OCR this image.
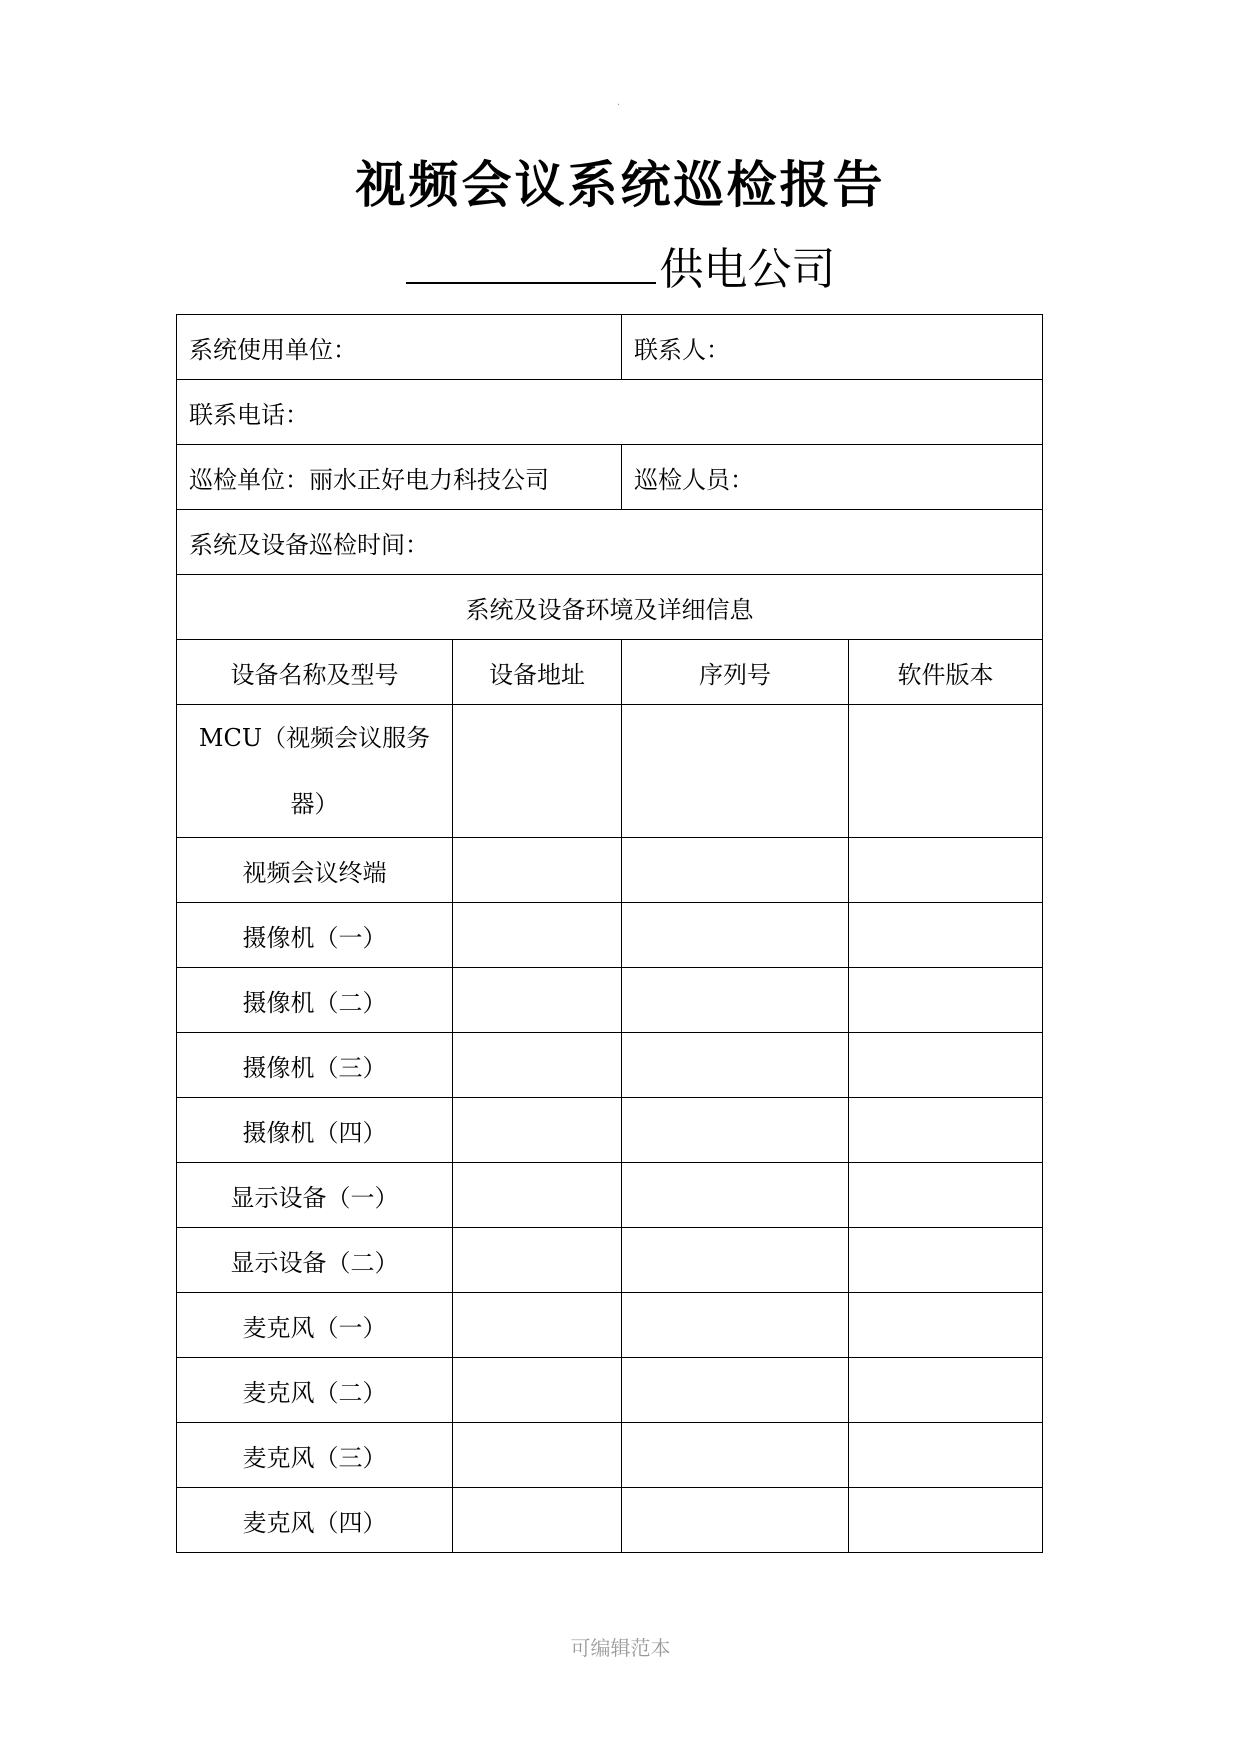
·
视频会议系统巡检报告
供电公司
系统使用单位：		联系人：	
联系电话：			
巡检单位：丽水正好电力科技公司		巡检人员：	
系统及设备巡检时间：			
系统及设备环境及详细信息			
设备名称及型号	设备地址	序列号	软件版本
MCU（视频会议服务器）			
视频会议终端			
摄像机（一）			
摄像机（二）			
摄像机（三）			
摄像机（四）			
显示设备（一）			
显示设备（二）			
麦克风（一）			
麦克风（二）			
麦克风（三）			
麦克风（四）			
可编辑范本
